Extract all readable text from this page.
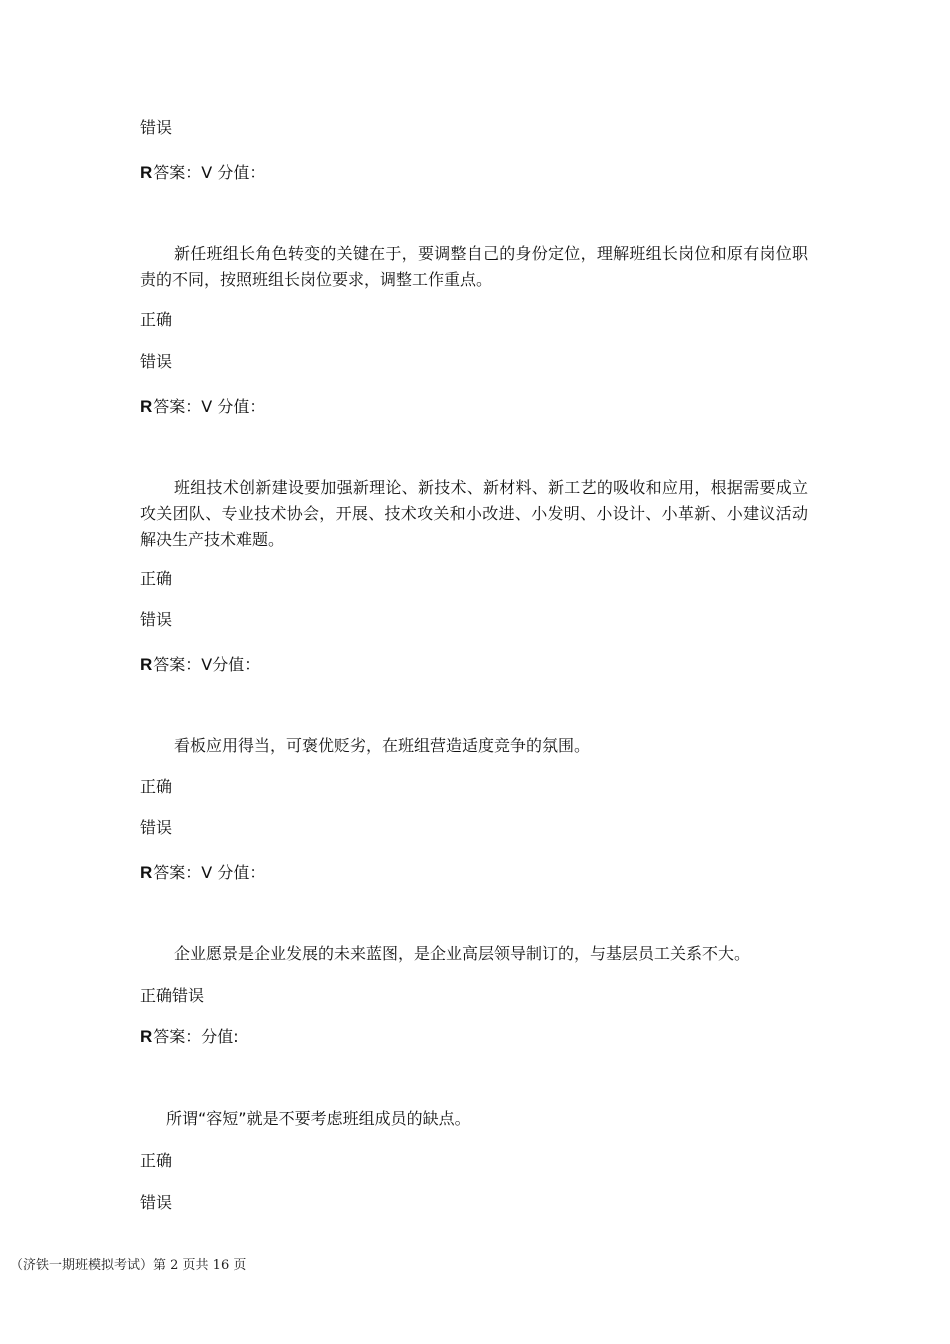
错误
R答案：V 分值：
新任班组长角色转变的关键在于，要调整自己的身份定位，理解班组长岗位和原有岗位职责的不同，按照班组长岗位要求，调整工作重点。
正确
错误
R答案：V 分值：
班组技术创新建设要加强新理论、新技术、新材料、新工艺的吸收和应用，根据需要成立攻关团队、专业技术协会，开展、技术攻关和小改进、小发明、小设计、小革新、小建议活动解决生产技术难题。
正确
错误
R答案：V分值：
看板应用得当，可褒优贬劣，在班组营造适度竞争的氛围。
正确
错误
R答案：V 分值：
企业愿景是企业发展的未来蓝图，是企业高层领导制订的，与基层员工关系不大。
正确错误
R答案：分值:
所谓“容短”就是不要考虑班组成员的缺点。
正确
错误
（济铁一期班模拟考试）第 2 页共 16 页
